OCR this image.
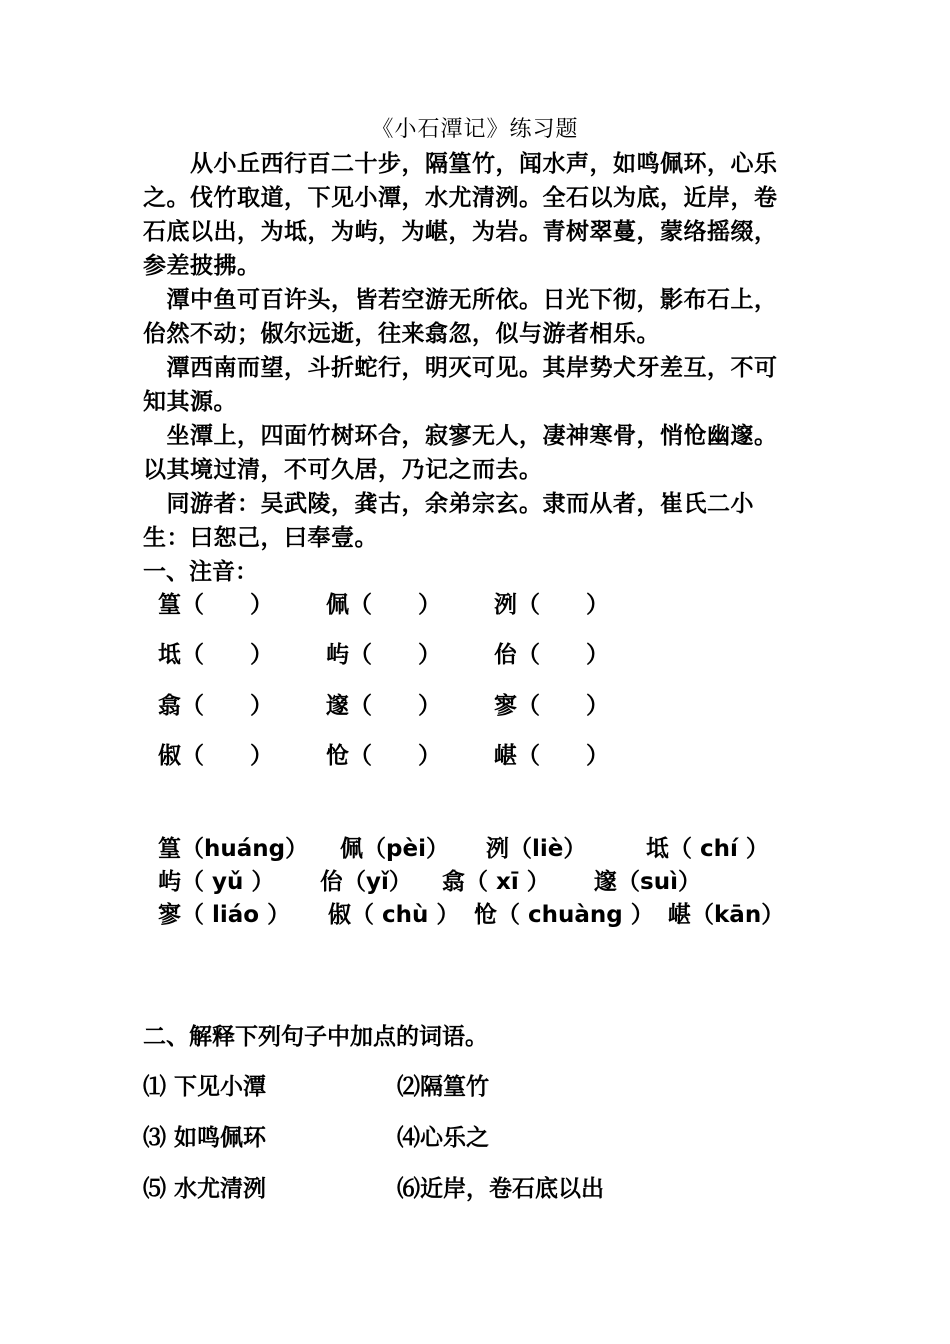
《小石潭记》练习题
　　从小丘西行百二十步，隔篁竹，闻水声，如鸣佩环，心乐之。伐竹取道，下见小潭，水尤清洌。全石以为底，近岸，卷石底以出，为坻，为屿，为嵁，为岩。青树翠蔓，蒙络摇缀，参差披拂。
　潭中鱼可百许头，皆若空游无所依。日光下彻，影布石上，佁然不动；俶尔远逝，往来翕忽，似与游者相乐。
　潭西南而望，斗折蛇行，明灭可见。其岸势犬牙差互，不可知其源。
　坐潭上，四面竹树环合，寂寥无人，凄神寒骨，悄怆幽邃。以其境过清，不可久居，乃记之而去。
　同游者：吴武陵，龚古，余弟宗玄。隶而从者，崔氏二小生：曰恕己，曰奉壹。
一、注音：
篁（　　） 佩（　　） 洌（　　）
坻（　　） 屿（　　） 佁（　　）
翕（　　） 邃（　　） 寥（　　）
俶（　　） 怆（　　） 嵁（　　）
篁（huáng） 佩（pèi） 洌（liè）	坻（ chí ）
屿（ yǔ ） 佁（yǐ） 翕（ xī ） 邃（suì）
寥（ liáo ） 俶（ chù ） 怆（ chuàng ） 嵁（kān）
二、解释下列句子中加点的词语。
⑴ 下见小潭	⑵隔篁竹
⑶ 如鸣佩环	⑷心乐之
⑸ 水尤清洌	⑹近岸，卷石底以出
